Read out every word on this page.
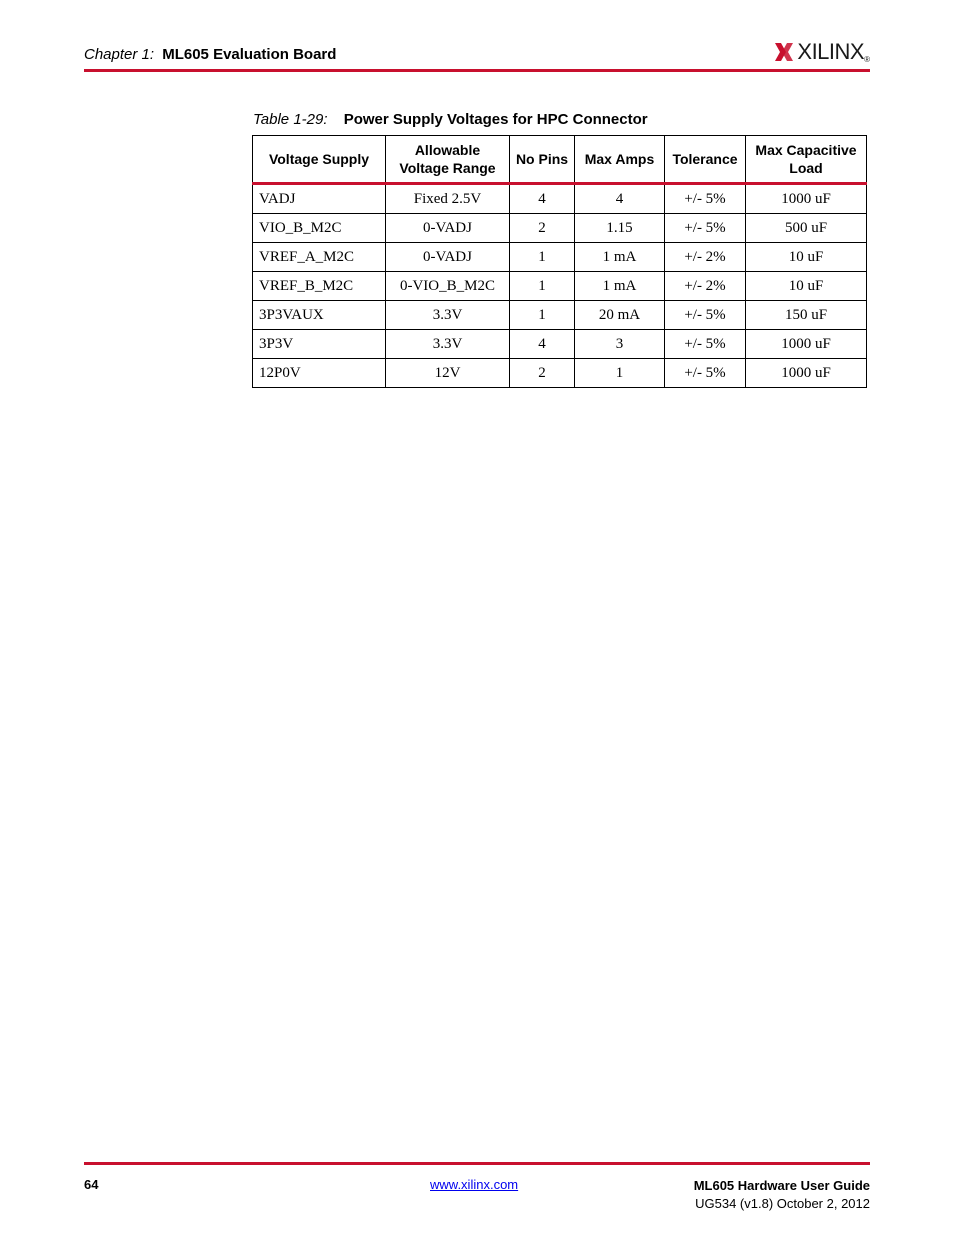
Chapter 1: ML605 Evaluation Board	XILINX ®
Table 1-29: Power Supply Voltages for HPC Connector
Voltage Supply	Allowable Voltage Range	No Pins	Max Amps	Tolerance	Max Capacitive Load
VADJ	Fixed 2.5V	4	4	+/- 5%	1000 uF
VIO_B_M2C	0-VADJ	2	1.15	+/- 5%	500 uF
VREF_A_M2C	0-VADJ	1	1 mA	+/- 2%	10 uF
VREF_B_M2C	0-VIO_B_M2C	1	1 mA	+/- 2%	10 uF
3P3VAUX	3.3V	1	20 mA	+/- 5%	150 uF
3P3V	3.3V	4	3	+/- 5%	1000 uF
12P0V	12V	2	1	+/- 5%	1000 uF
64	www.xilinx.com	ML605 Hardware User Guide
UG534 (v1.8) October 2, 2012
